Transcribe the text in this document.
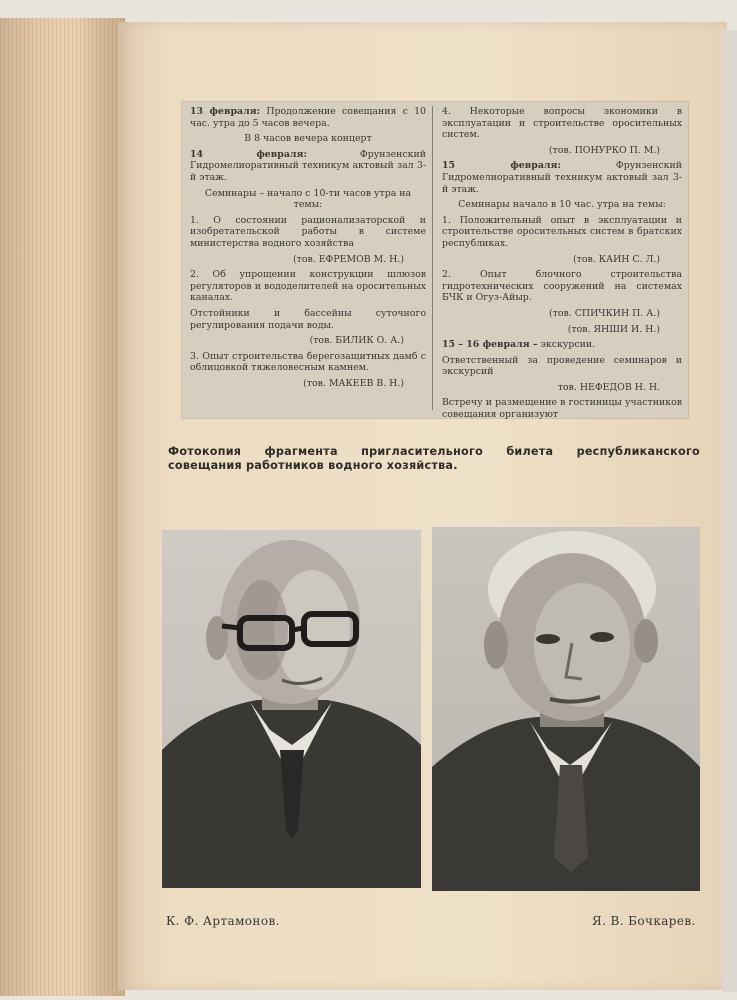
13 февраля: Продолжение совещания с 10 час. утра до 5 часов вечера.

В 8 часов вечера концерт

14 февраля:	Фрунзенский Гидромелиоративный техникум актовый зал 3-й этаж.

Семинары – начало с 10-ти часов утра на темы:

1. О состоянии рационализаторской и изобретательской работы в системе министерства водного хозяйства

(тов. ЕФРЕМОВ М. Н.)

2. Об упрощении конструкции шлюзов регуляторов и вододелителей на оросительных каналах.

Отстойники и бассейны суточного регулирования подачи воды.

(тов. БИЛИК О. А.)

3. Опыт строительства берегозащитных дамб с облицовкой тяжеловесным камнем.

(тов. МАКЕЕВ В. Н.)

4. Некоторые вопросы экономики в эксплуатации и строительстве оросительных систем.

(тов. ПОНУРКО П. М.)

15 февраля:	Фрунзенский Гидромелиоративный техникум актовый зал 3-й этаж.

Семинары начало в 10 час. утра на темы:

1. Положительный опыт в эксплуатации и строительстве оросительных систем в братских республиках.

(тов. КАИН С. Л.)

2. Опыт блочного строительства гидротехнических сооружений на системах БЧК и Огуз-Айыр.

(тов. СПИЧКИН П. А.)

(тов. ЯНШИ И. Н.)

15 – 16 февраля – экскурсии.

Ответственный за проведение семинаров и экскурсий

тов. НЕФЕДОВ Н. Н.

Встречу и размещение в гостиницы участников совещания организуют

Фотокопия фрагмента пригласительного билета республиканского совещания работников водного хозяйства.
К. Ф. Артамонов.	Я. В. Бочкарев.
